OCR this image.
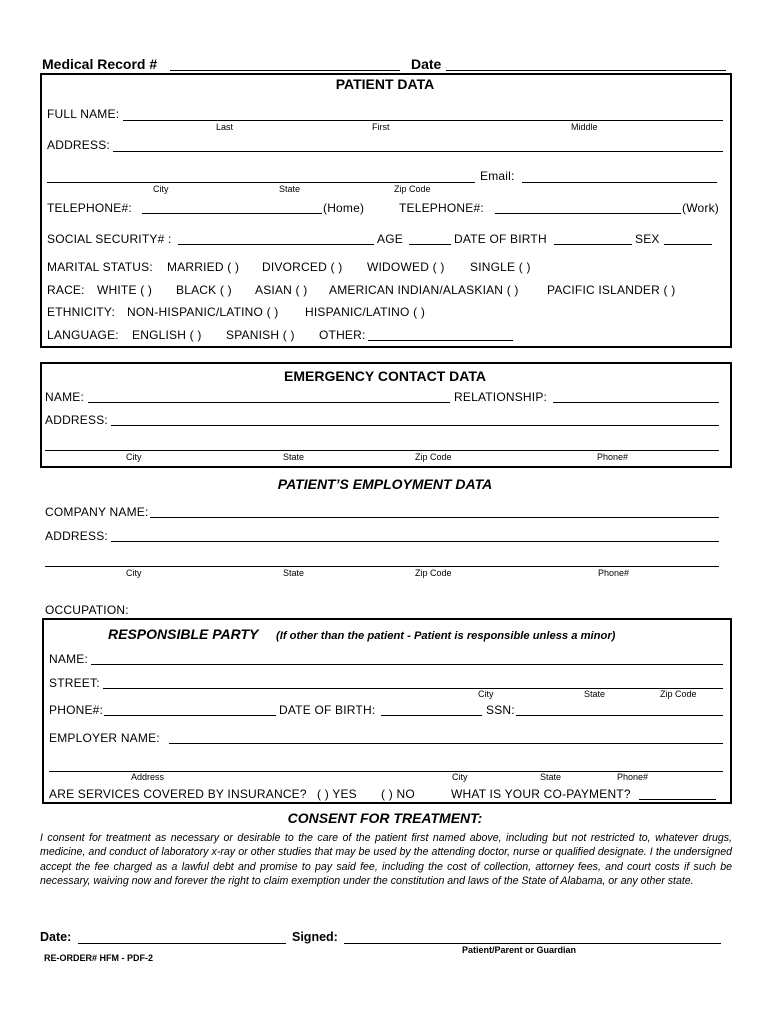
Medical Record #	Date
PATIENT DATA
FULL NAME:
Last	First	Middle
ADDRESS:
Email:
City	State	Zip Code
TELEPHONE#:	(Home)	TELEPHONE#:	(Work)
SOCIAL SECURITY# :	AGE	DATE OF BIRTH	SEX
MARITAL STATUS: MARRIED ( ) DIVORCED ( ) WIDOWED ( ) SINGLE ( )
RACE: WHITE ( ) BLACK ( ) ASIAN ( ) AMERICAN INDIAN/ALASKIAN ( ) PACIFIC ISLANDER ( )
ETHNICITY: NON-HISPANIC/LATINO ( ) HISPANIC/LATINO ( )
LANGUAGE: ENGLISH ( ) SPANISH ( ) OTHER:
EMERGENCY CONTACT DATA
NAME:	RELATIONSHIP:
ADDRESS:
City	State	Zip Code	Phone#
PATIENT’S EMPLOYMENT DATA
COMPANY NAME:
ADDRESS:
City	State	Zip Code	Phone#
OCCUPATION:
RESPONSIBLE PARTY (If other than the patient - Patient is responsible unless a minor)
NAME:
STREET:
City	State	Zip Code
PHONE#:	DATE OF BIRTH:	SSN:
EMPLOYER NAME:
Address	City	State	Phone#
ARE SERVICES COVERED BY INSURANCE? ( ) YES ( ) NO	WHAT IS YOUR CO-PAYMENT?
CONSENT FOR TREATMENT:
I consent for treatment as necessary or desirable to the care of the patient first named above, including but not restricted to, whatever drugs, medicine, and conduct of laboratory x-ray or other studies that may be used by the attending doctor, nurse or qualified designate. I the undersigned accept the fee charged as a lawful debt and promise to pay said fee, including the cost of collection, attorney fees, and court costs if such be necessary, waiving now and forever the right to claim exemption under the constitution and laws of the State of Alabama, or any other state.
Date:	Signed:
Patient/Parent or Guardian
RE-ORDER# HFM - PDF-2
